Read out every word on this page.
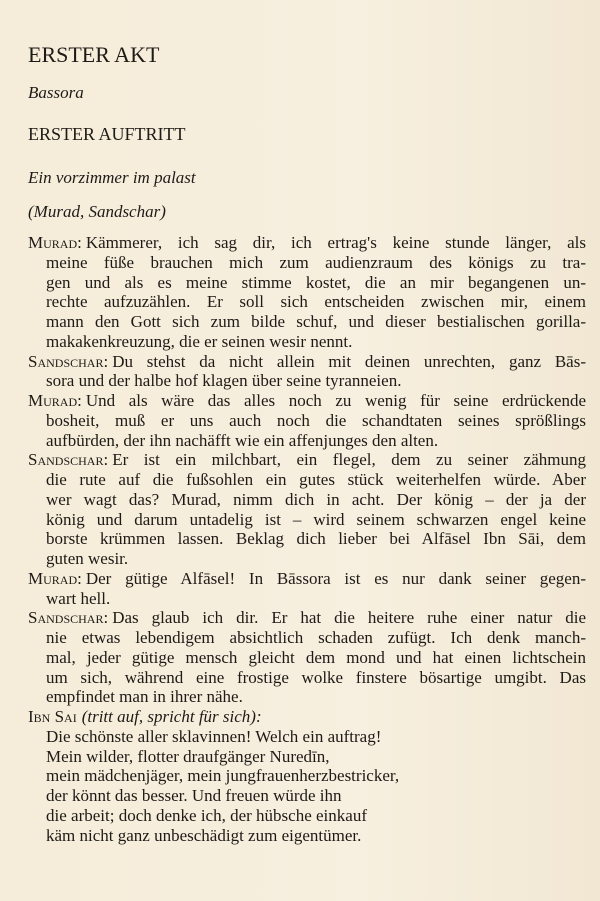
ERSTER AKT
Bassora
ERSTER AUFTRITT
Ein vorzimmer im palast
(Murad, Sandschar)
Murad: Kämmerer, ich sag dir, ich ertrag's keine stunde länger, als
meine füße brauchen mich zum audienzraum des königs zu tra-
gen und als es meine stimme kostet, die an mir begangenen un-
rechte aufzuzählen. Er soll sich entscheiden zwischen mir, einem
mann den Gott sich zum bilde schuf, und dieser bestialischen gorilla-
makakenkreuzung, die er seinen wesir nennt.
Sandschar: Du stehst da nicht allein mit deinen unrechten, ganz Bās-
sora und der halbe hof klagen über seine tyranneien.
Murad: Und als wäre das alles noch zu wenig für seine erdrückende
bosheit, muß er uns auch noch die schandtaten seines sprößlings
aufbürden, der ihn nachäfft wie ein affenjunges den alten.
Sandschar: Er ist ein milchbart, ein flegel, dem zu seiner zähmung
die rute auf die fußsohlen ein gutes stück weiterhelfen würde. Aber
wer wagt das? Murad, nimm dich in acht. Der könig – der ja der
könig und darum untadelig ist – wird seinem schwarzen engel keine
borste krümmen lassen. Beklag dich lieber bei Alfāsel Ibn Sāi, dem
guten wesir.
Murad: Der gütige Alfāsel! In Bāssora ist es nur dank seiner gegen-
wart hell.
Sandschar: Das glaub ich dir. Er hat die heitere ruhe einer natur die
nie etwas lebendigem absichtlich schaden zufügt. Ich denk manch-
mal, jeder gütige mensch gleicht dem mond und hat einen lichtschein
um sich, während eine frostige wolke finstere bösartige umgibt. Das
empfindet man in ihrer nähe.
Ibn Sai (tritt auf, spricht für sich):
Die schönste aller sklavinnen! Welch ein auftrag!
Mein wilder, flotter draufgänger Nuredīn,
mein mädchenjäger, mein jungfrauenherzbestricker,
der könnt das besser. Und freuen würde ihn
die arbeit; doch denke ich, der hübsche einkauf
käm nicht ganz unbeschädigt zum eigentümer.
